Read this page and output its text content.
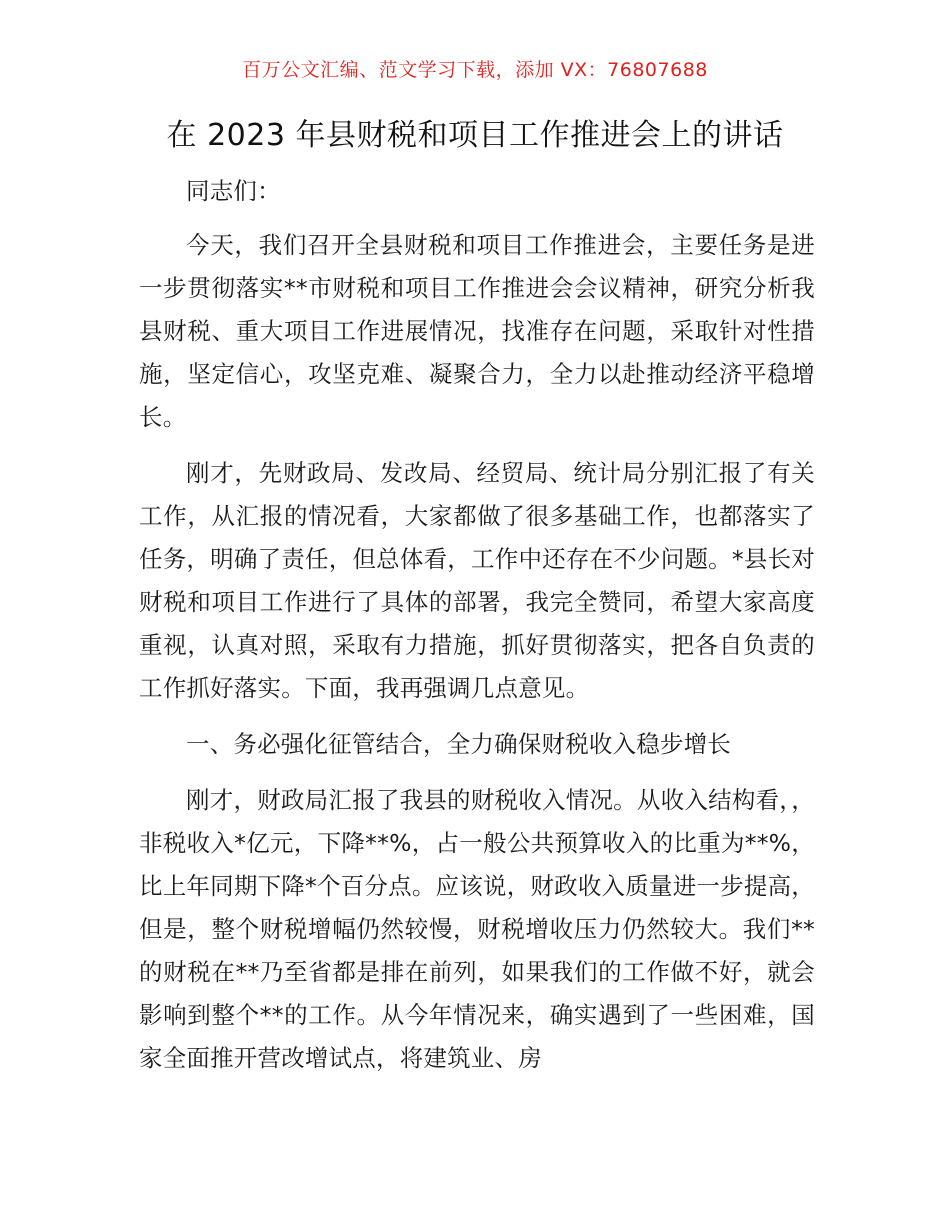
百万公文汇编、范文学习下载，添加 VX：76807688
在 2023 年县财税和项目工作推进会上的讲话

同志们：

今天，我们召开全县财税和项目工作推进会，主要任务是进一步贯彻落实**市财税和项目工作推进会会议精神，研究分析我县财税、重大项目工作进展情况，找准存在问题，采取针对性措施，坚定信心，攻坚克难、凝聚合力，全力以赴推动经济平稳增长。

刚才，先财政局、发改局、经贸局、统计局分别汇报了有关工作，从汇报的情况看，大家都做了很多基础工作，也都落实了任务，明确了责任，但总体看，工作中还存在不少问题。*县长对财税和项目工作进行了具体的部署，我完全赞同，希望大家高度重视，认真对照，采取有力措施，抓好贯彻落实，把各自负责的工作抓好落实。下面，我再强调几点意见。

一、务必强化征管结合，全力确保财税收入稳步增长

刚才，财政局汇报了我县的财税收入情况。从收入结构看，，非税收入*亿元，下降**%，占一般公共预算收入的比重为**%，比上年同期下降*个百分点。应该说，财政收入质量进一步提高，但是，整个财税增幅仍然较慢，财税增收压力仍然较大。我们**的财税在**乃至省都是排在前列，如果我们的工作做不好，就会影响到整个**的工作。从今年情况来，确实遇到了一些困难，国家全面推开营改增试点，将建筑业、房
